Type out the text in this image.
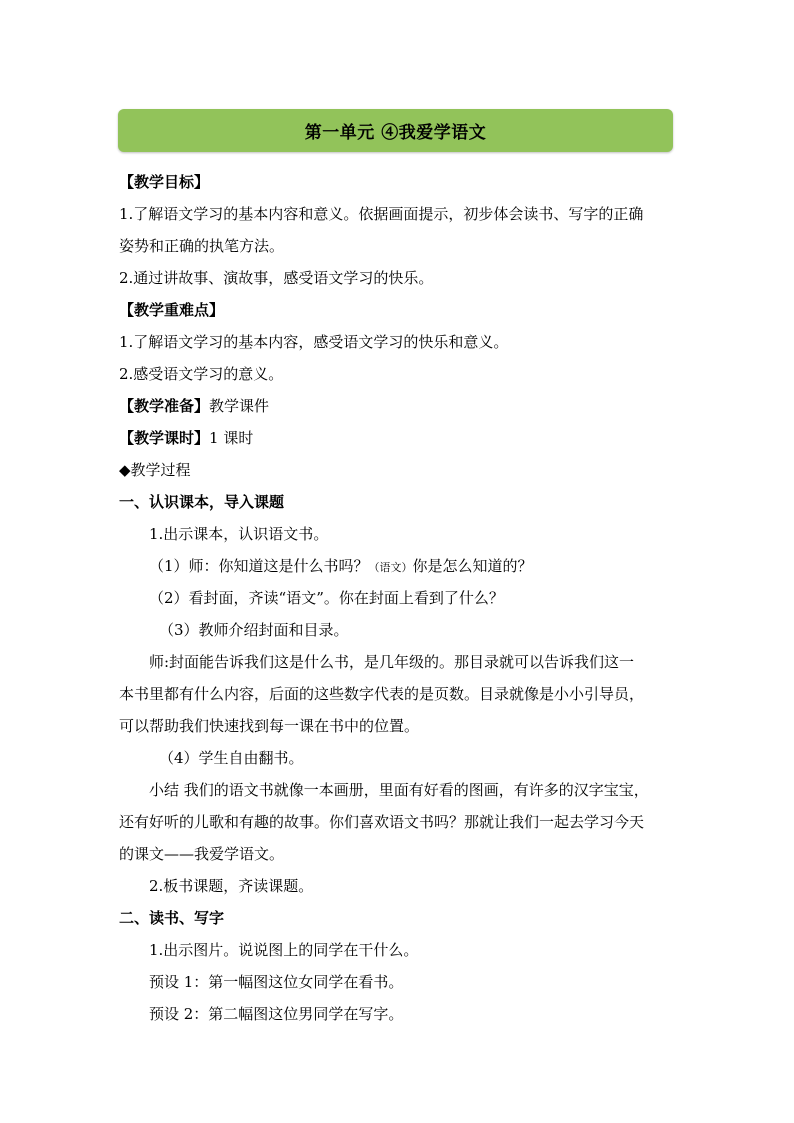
第一单元 ④我爱学语文
【教学目标】
1.了解语文学习的基本内容和意义。依据画面提示，初步体会读书、写字的正确
姿势和正确的执笔方法。
2.通过讲故事、演故事，感受语文学习的快乐。
【教学重难点】
1.了解语文学习的基本内容，感受语文学习的快乐和意义。
2.感受语文学习的意义。
【教学准备】教学课件
【教学课时】1 课时
◆教学过程
一、认识课本，导入课题
1.出示课本，认识语文书。
（1）师：你知道这是什么书吗？（语文）你是怎么知道的？
（2）看封面，齐读“语文”。你在封面上看到了什么？
（3）教师介绍封面和目录。
师:封面能告诉我们这是什么书，是几年级的。那目录就可以告诉我们这一
本书里都有什么内容，后面的这些数字代表的是页数。目录就像是小小引导员，
可以帮助我们快速找到每一课在书中的位置。
（4）学生自由翻书。
小结 我们的语文书就像一本画册，里面有好看的图画，有许多的汉字宝宝，
还有好听的儿歌和有趣的故事。你们喜欢语文书吗？那就让我们一起去学习今天
的课文——我爱学语文。
2.板书课题，齐读课题。
二、读书、写字
1.出示图片。说说图上的同学在干什么。
预设 1：第一幅图这位女同学在看书。
预设 2：第二幅图这位男同学在写字。
